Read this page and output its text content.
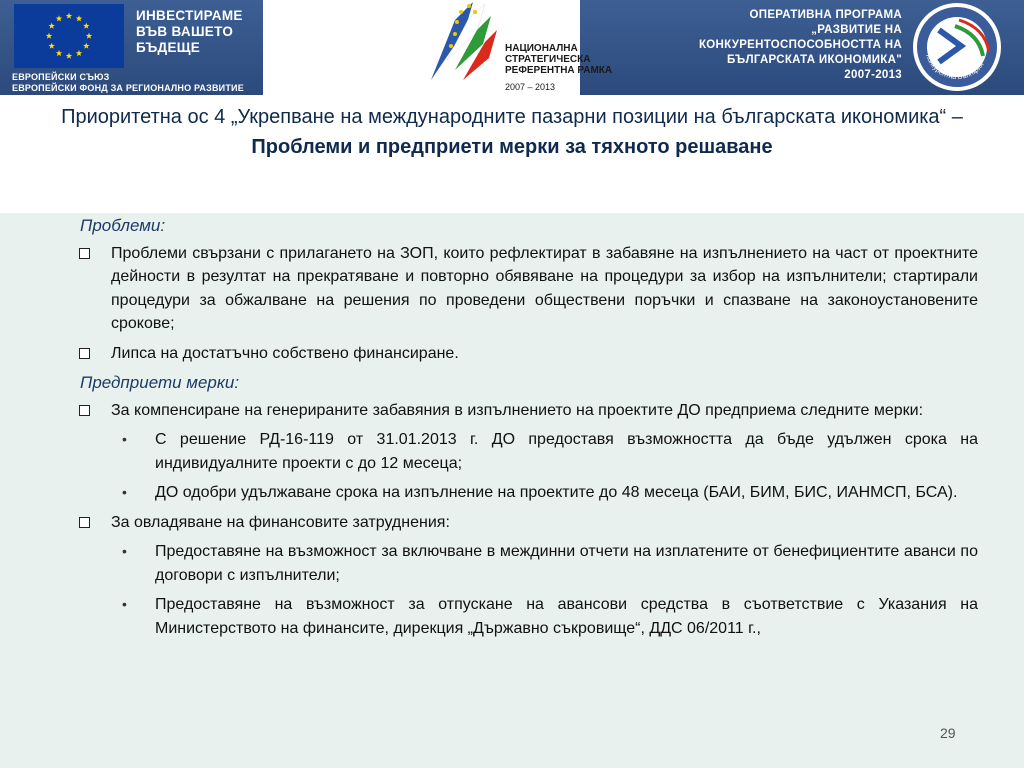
ИНВЕСТИРАМЕ
ВЪВ ВАШЕТО
БЪДЕЩЕ
ЕВРОПЕЙСКИ СЪЮЗ
ЕВРОПЕЙСКИ ФОНД ЗА РЕГИОНАЛНО РАЗВИТИЕ
НАЦИОНАЛНА
СТРАТЕГИЧЕСКА
РЕФЕРЕНТНА РАМКА
2007 – 2013
ОПЕРАТИВНА ПРОГРАМА
„РАЗВИТИЕ НА
КОНКУРЕНТОСПОСОБНОСТТА НА
БЪЛГАРСКАТА ИКОНОМИКА"
2007-2013
Конкурентна България
Приоритетна ос 4 „Укрепване на международните пазарни позиции на българската икономика“ –
Проблеми и предприети мерки за тяхното решаване
Проблеми:
Проблеми свързани с прилагането на ЗОП, които рефлектират в забавяне на изпълнението на част от проектните дейности в резултат на прекратяване и повторно обявяване на процедури за избор на изпълнители; стартирали процедури за обжалване на решения по проведени обществени поръчки и спазване на законоустановените срокове;
Липса на достатъчно собствено финансиране.
Предприети мерки:
За компенсиране на генерираните забавяния в изпълнението на проектите ДО предприема следните мерки:
• С решение РД-16-119 от 31.01.2013 г. ДО предоставя възможността да бъде удължен срока на индивидуалните проекти с до 12 месеца;
• ДО одобри удължаване срока на изпълнение на проектите до 48 месеца (БАИ, БИМ, БИС, ИАНМСП, БСА).
За овладяване на финансовите затруднения:
• Предоставяне на възможност за включване в междинни отчети на изплатените от бенефициентите аванси по договори с изпълнители;
• Предоставяне на възможност за отпускане на авансови средства в съответствие с Указания на Министерството на финансите, дирекция „Държавно съкровище“, ДДС 06/2011 г.,
29
